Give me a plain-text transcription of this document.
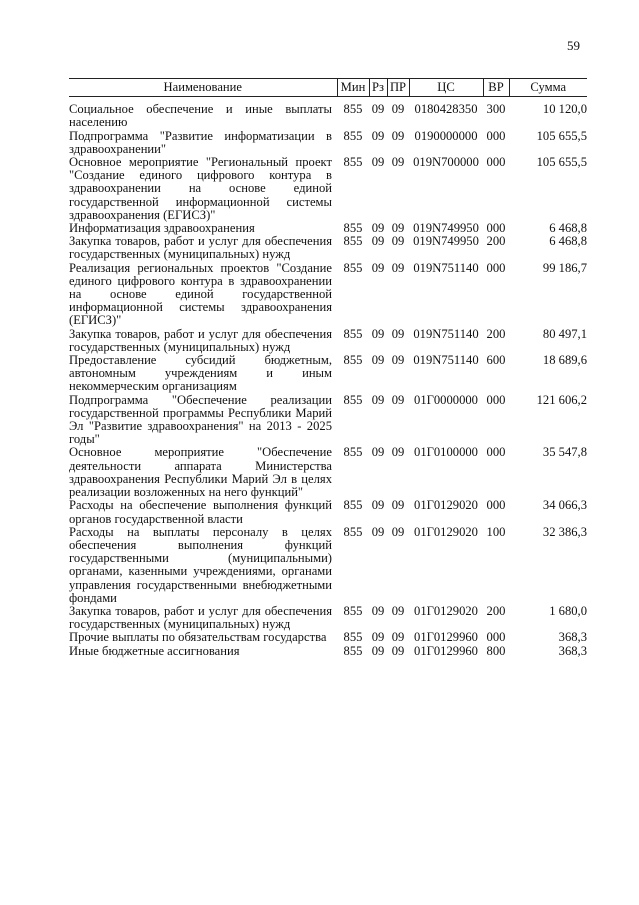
59
Наименование	Мин	Рз	ПР	ЦС	ВР	Сумма
Социальное обеспечение и иные выплаты населению	855	09	09	0180428350	300	10 120,0
Подпрограмма "Развитие информатизации в здравоохранении"	855	09	09	0190000000	000	105 655,5
Основное мероприятие "Региональный проект "Создание единого цифрового контура в здравоохранении на основе единой государственной информационной системы здравоохранения (ЕГИСЗ)"	855	09	09	019N700000	000	105 655,5
Информатизация здравоохранения	855	09	09	019N749950	000	6 468,8
Закупка товаров, работ и услуг для обеспечения государственных (муниципальных) нужд	855	09	09	019N749950	200	6 468,8
Реализация региональных проектов "Создание единого цифрового контура в здравоохранении на основе единой государственной информационной системы здравоохранения (ЕГИСЗ)"	855	09	09	019N751140	000	99 186,7
Закупка товаров, работ и услуг для обеспечения государственных (муниципальных) нужд	855	09	09	019N751140	200	80 497,1
Предоставление субсидий бюджетным, автономным учреждениям и иным некоммерческим организациям	855	09	09	019N751140	600	18 689,6
Подпрограмма "Обеспечение реализации государственной программы Республики Марий Эл "Развитие здравоохранения" на 2013 - 2025 годы"	855	09	09	01Г0000000	000	121 606,2
Основное мероприятие "Обеспечение деятельности аппарата Министерства здравоохранения Республики Марий Эл в целях реализации возложенных на него функций"	855	09	09	01Г0100000	000	35 547,8
Расходы на обеспечение выполнения функций органов государственной власти	855	09	09	01Г0129020	000	34 066,3
Расходы на выплаты персоналу в целях обеспечения выполнения функций государственными (муниципальными) органами, казенными учреждениями, органами управления государственными внебюджетными фондами	855	09	09	01Г0129020	100	32 386,3
Закупка товаров, работ и услуг для обеспечения государственных (муниципальных) нужд	855	09	09	01Г0129020	200	1 680,0
Прочие выплаты по обязательствам государства	855	09	09	01Г0129960	000	368,3
Иные бюджетные ассигнования	855	09	09	01Г0129960	800	368,3
